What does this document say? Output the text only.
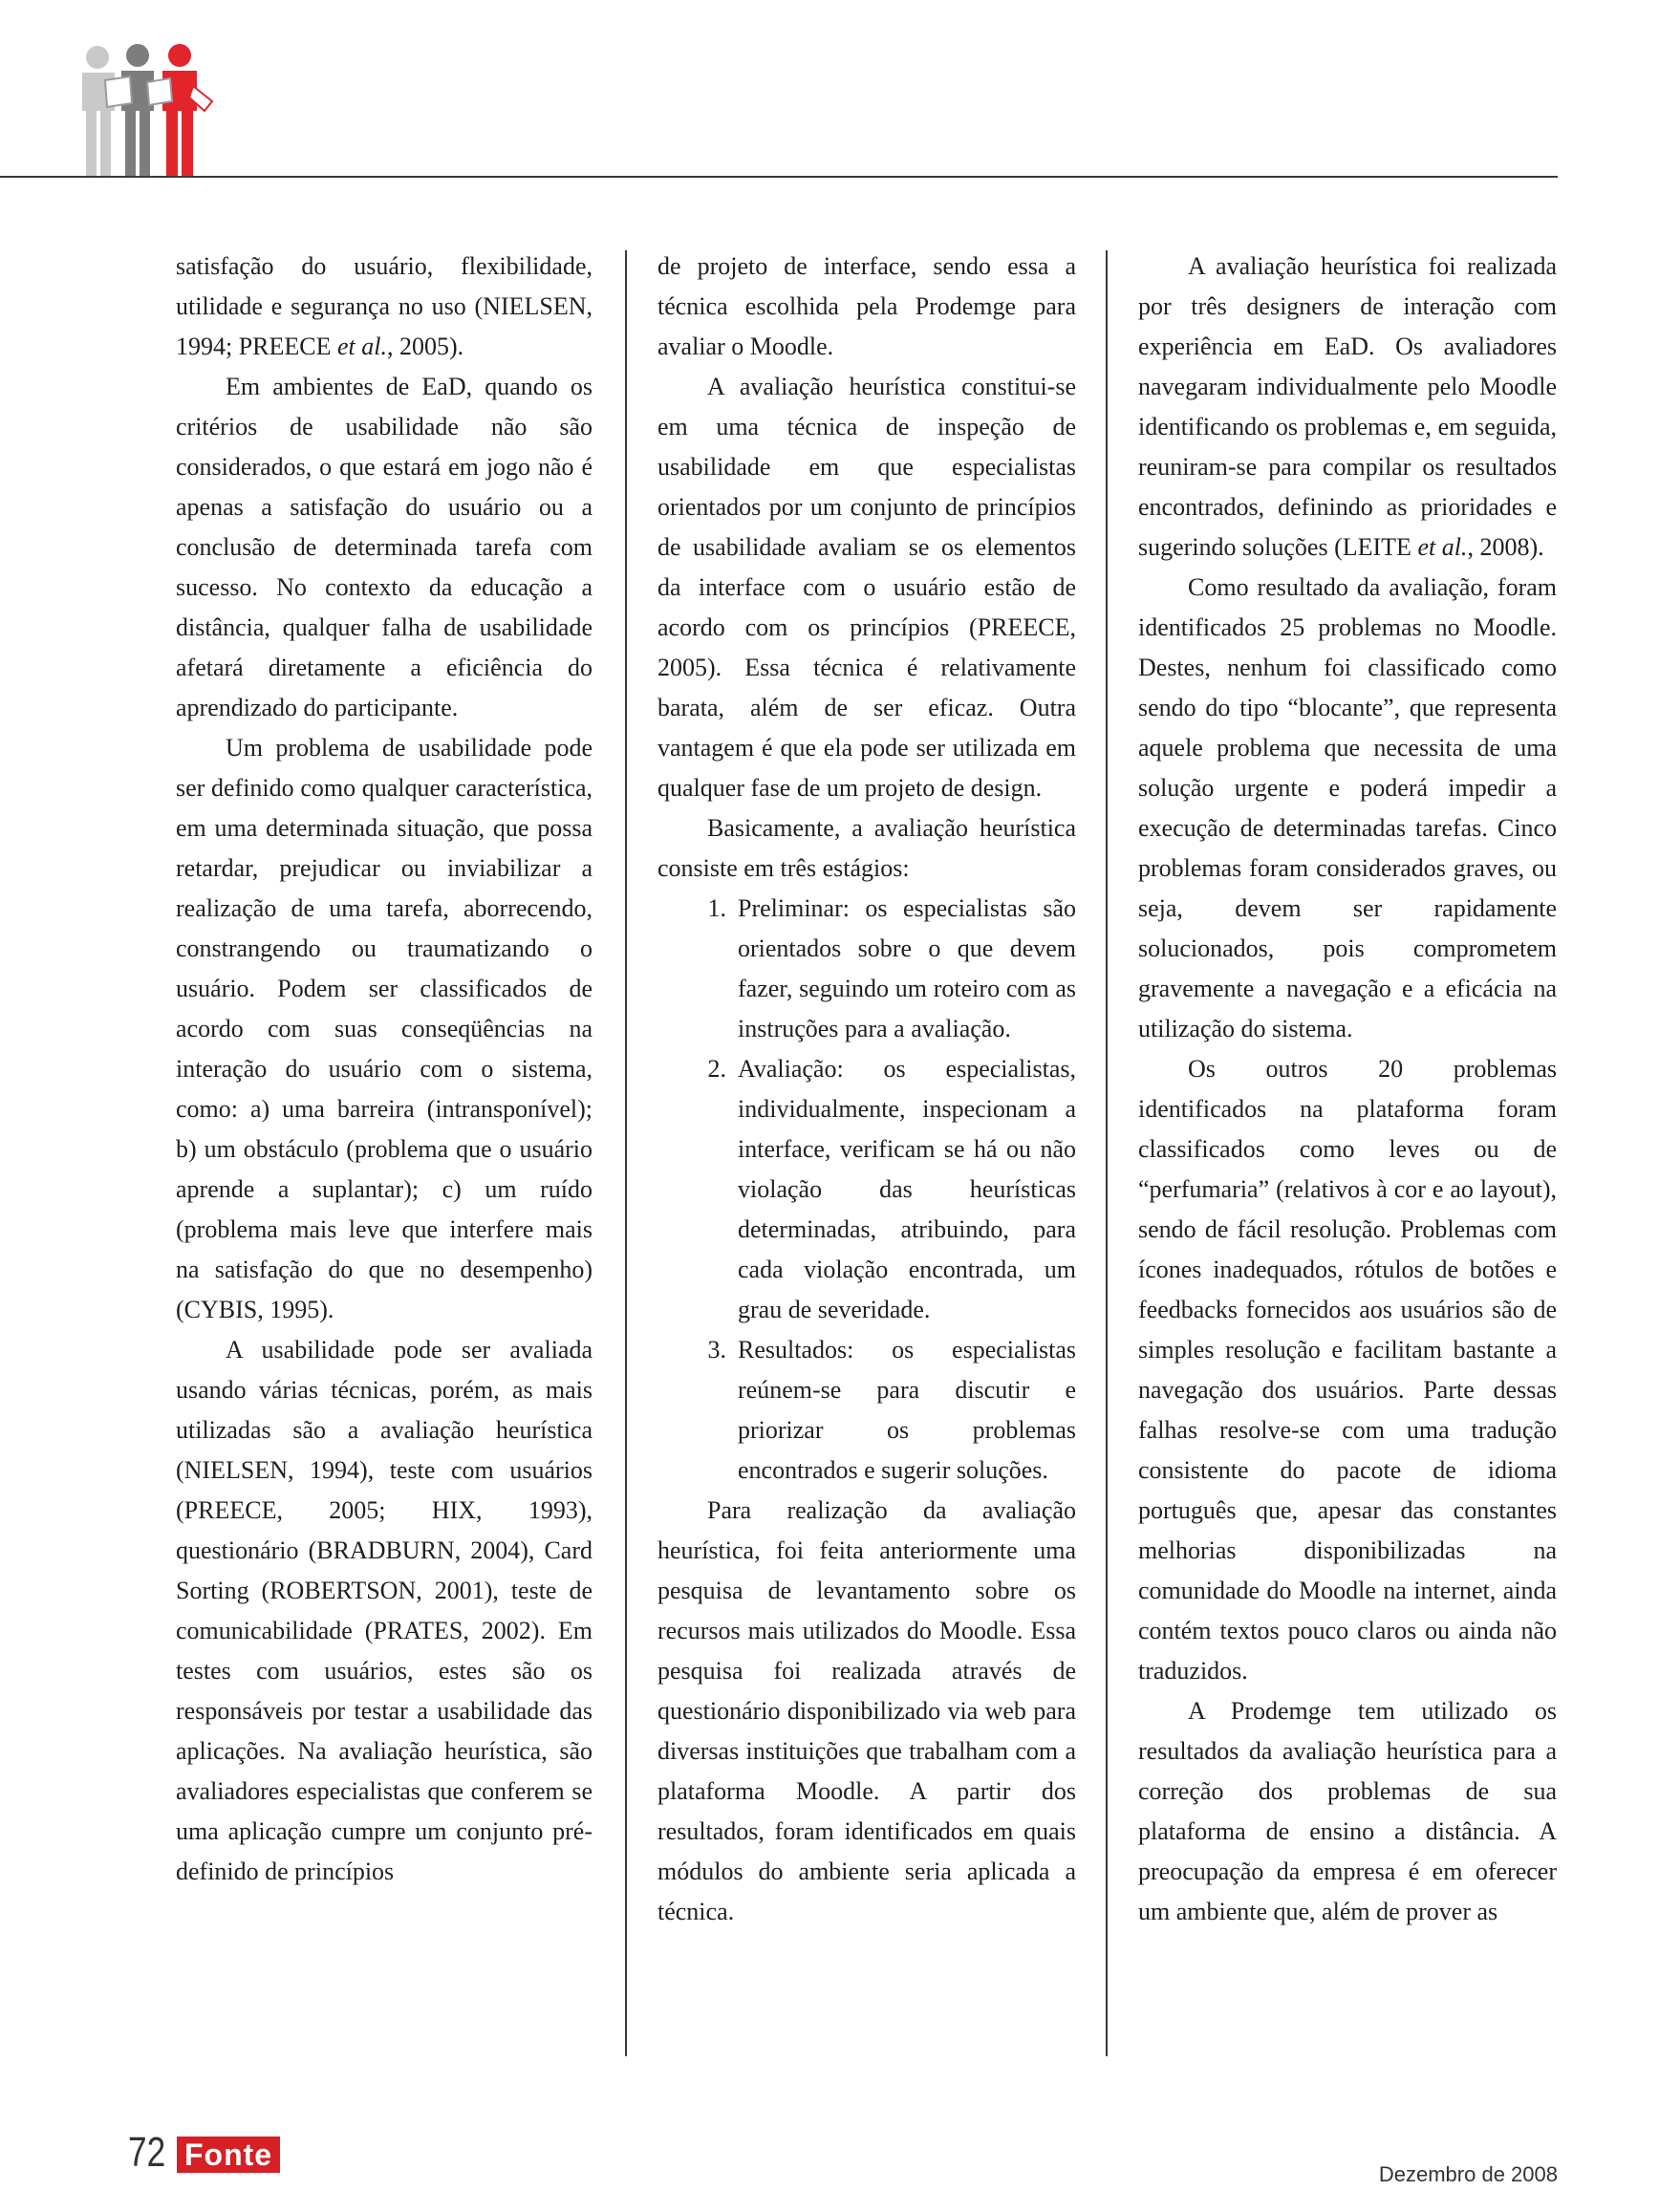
satisfação do usuário, flexibilidade, utilidade e segurança no uso (NIELSEN, 1994; PREECE et al., 2005).

Em ambientes de EaD, quando os critérios de usabilidade não são considerados, o que estará em jogo não é apenas a satisfação do usuário ou a conclusão de determinada tarefa com sucesso. No contexto da educação a distância, qualquer falha de usabilidade afetará diretamente a eficiência do aprendizado do participante.

Um problema de usabilidade pode ser definido como qualquer característica, em uma determinada situação, que possa retardar, prejudicar ou inviabilizar a realização de uma tarefa, aborrecendo, constrangendo ou traumatizando o usuário. Podem ser classificados de acordo com suas conseqüências na interação do usuário com o sistema, como: a) uma barreira (intransponível); b) um obstáculo (problema que o usuário aprende a suplantar); c) um ruído (problema mais leve que interfere mais na satisfação do que no desempenho) (CYBIS, 1995).

A usabilidade pode ser avaliada usando várias técnicas, porém, as mais utilizadas são a avaliação heurística (NIELSEN, 1994), teste com usuários (PREECE, 2005; HIX, 1993), questionário (BRADBURN, 2004), Card Sorting (ROBERTSON, 2001), teste de comunicabilidade (PRATES, 2002). Em testes com usuários, estes são os responsáveis por testar a usabilidade das aplicações. Na avaliação heurística, são avaliadores especialistas que conferem se uma aplicação cumpre um conjunto pré-definido de princípios

de projeto de interface, sendo essa a técnica escolhida pela Prodemge para avaliar o Moodle.

A avaliação heurística constitui-se em uma técnica de inspeção de usabilidade em que especialistas orientados por um conjunto de princípios de usabilidade avaliam se os elementos da interface com o usuário estão de acordo com os princípios (PREECE, 2005). Essa técnica é relativamente barata, além de ser eficaz. Outra vantagem é que ela pode ser utilizada em qualquer fase de um projeto de design.

Basicamente, a avaliação heurística consiste em três estágios:

1. Preliminar: os especialistas são orientados sobre o que devem fazer, seguindo um roteiro com as instruções para a avaliação.
2. Avaliação: os especialistas, individualmente, inspecionam a interface, verificam se há ou não violação das heurísticas determinadas, atribuindo, para cada violação encontrada, um grau de severidade.
3. Resultados: os especialistas reúnem-se para discutir e priorizar os problemas encontrados e sugerir soluções.

Para realização da avaliação heurística, foi feita anteriormente uma pesquisa de levantamento sobre os recursos mais utilizados do Moodle. Essa pesquisa foi realizada através de questionário disponibilizado via web para diversas instituições que trabalham com a plataforma Moodle. A partir dos resultados, foram identificados em quais módulos do ambiente seria aplicada a técnica.

A avaliação heurística foi realizada por três designers de interação com experiência em EaD. Os avaliadores navegaram individualmente pelo Moodle identificando os problemas e, em seguida, reuniram-se para compilar os resultados encontrados, definindo as prioridades e sugerindo soluções (LEITE et al., 2008).

Como resultado da avaliação, foram identificados 25 problemas no Moodle. Destes, nenhum foi classificado como sendo do tipo “blocante”, que representa aquele problema que necessita de uma solução urgente e poderá impedir a execução de determinadas tarefas. Cinco problemas foram considerados graves, ou seja, devem ser rapidamente solucionados, pois comprometem gravemente a navegação e a eficácia na utilização do sistema.

Os outros 20 problemas identificados na plataforma foram classificados como leves ou de “perfumaria” (relativos à cor e ao layout), sendo de fácil resolução. Problemas com ícones inadequados, rótulos de botões e feedbacks fornecidos aos usuários são de simples resolução e facilitam bastante a navegação dos usuários. Parte dessas falhas resolve-se com uma tradução consistente do pacote de idioma português que, apesar das constantes melhorias disponibilizadas na comunidade do Moodle na internet, ainda contém textos pouco claros ou ainda não traduzidos.

A Prodemge tem utilizado os resultados da avaliação heurística para a correção dos problemas de sua plataforma de ensino a distância. A preocupação da empresa é em oferecer um ambiente que, além de prover as

72 Fonte
Dezembro de 2008
